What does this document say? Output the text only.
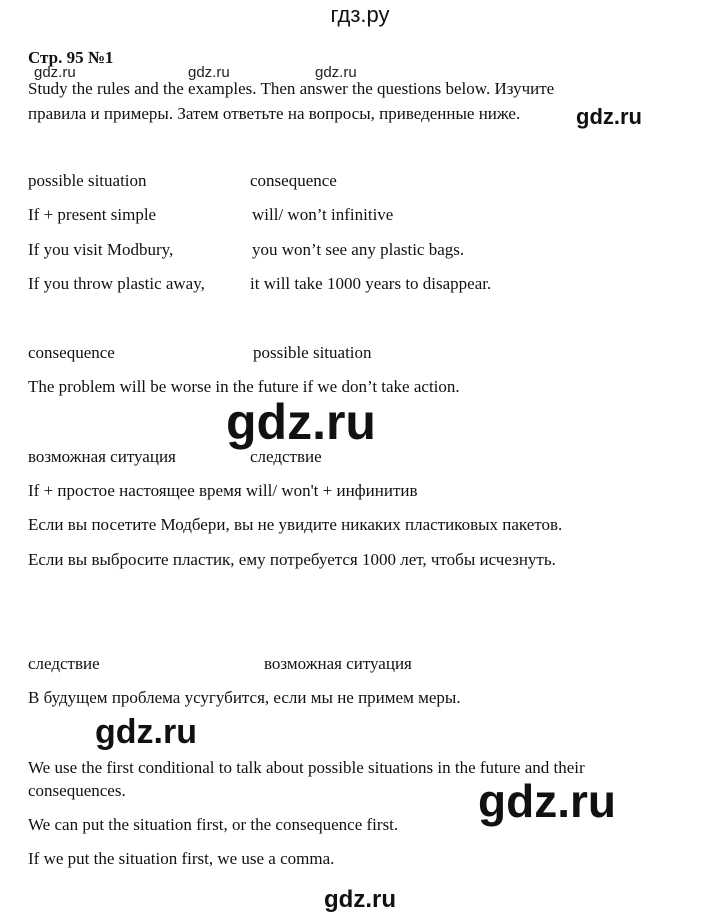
гдз.ру
Стр. 95 №1
gdz.ru	gdz.ru	gdz.ru
Study the rules and the examples. Then answer the questions below. Изучите
правила и примеры. Затем ответьте на вопросы, приведенные ниже.	gdz.ru
possible situation	consequence
If + present simple	will/ won’t infinitive
If you visit Modbury,	you won’t see any plastic bags.
If you throw plastic away,	it will take 1000 years to disappear.
consequence	possible situation
The problem will be worse in the future if we don’t take action.
gdz.ru
возможная ситуация	следствие
If + простое настоящее время will/ won't + инфинитив
Если вы посетите Модбери, вы не увидите никаких пластиковых пакетов.
Если вы выбросите пластик, ему потребуется 1000 лет, чтобы исчезнуть.
следствие	возможная ситуация
В будущем проблема усугубится, если мы не примем меры.
gdz.ru
We use the first conditional to talk about possible situations in the future and their
consequences.	gdz.ru
We can put the situation first, or the consequence first.
If we put the situation first, we use a comma.
gdz.ru
